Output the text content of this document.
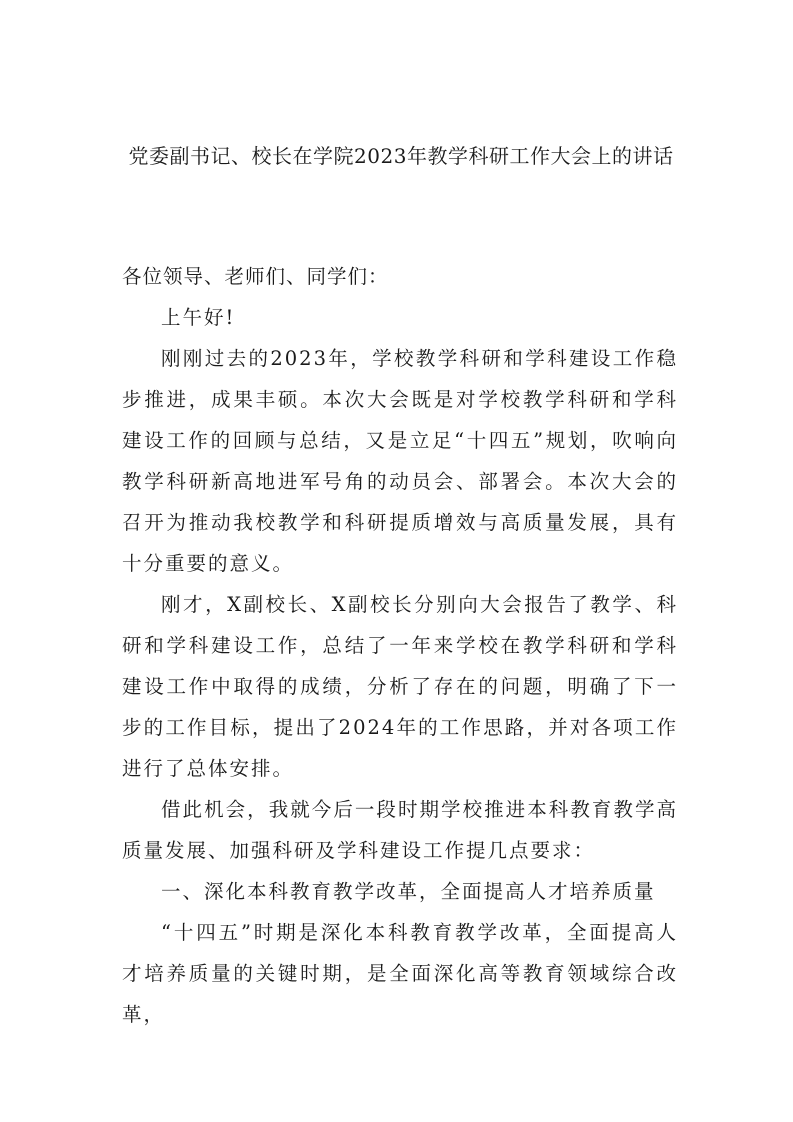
党委副书记、校长在学院2023年教学科研工作大会上的讲话

各位领导、老师们、同学们：

上午好!

刚刚过去的2023年，学校教学科研和学科建设工作稳步推进，成果丰硕。本次大会既是对学校教学科研和学科建设工作的回顾与总结，又是立足“十四五”规划，吹响向教学科研新高地进军号角的动员会、部署会。本次大会的召开为推动我校教学和科研提质增效与高质量发展，具有十分重要的意义。

刚才，X副校长、X副校长分别向大会报告了教学、科研和学科建设工作，总结了一年来学校在教学科研和学科建设工作中取得的成绩，分析了存在的问题，明确了下一步的工作目标，提出了2024年的工作思路，并对各项工作进行了总体安排。

借此机会，我就今后一段时期学校推进本科教育教学高质量发展、加强科研及学科建设工作提几点要求：

一、深化本科教育教学改革，全面提高人才培养质量

“十四五”时期是深化本科教育教学改革，全面提高人才培养质量的关键时期，是全面深化高等教育领域综合改革，
